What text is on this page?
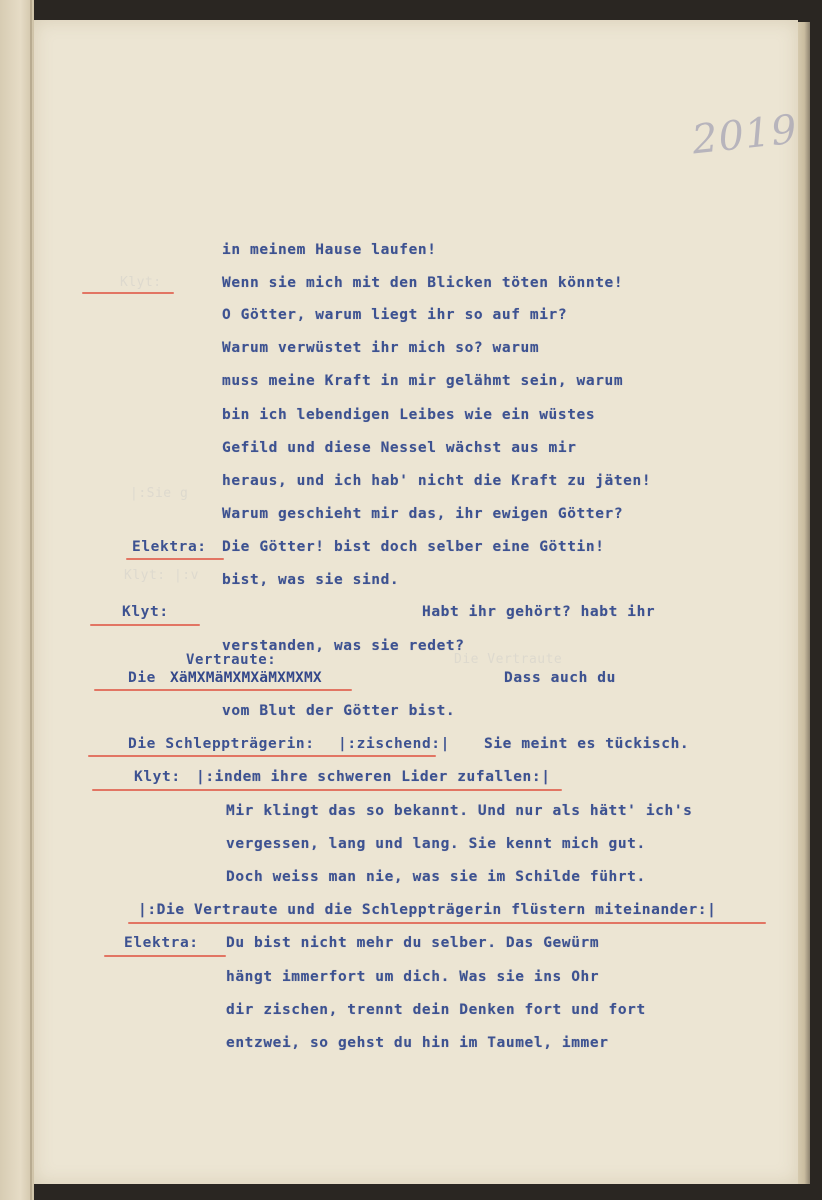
Klyt:
|:Sie g
Klyt: |:v
Die Vertraute
2019
in meinem Hause laufen!
Wenn sie mich mit den Blicken töten könnte!
O Götter, warum liegt ihr so auf mir?
Warum verwüstet ihr mich so? warum
muss meine Kraft in mir gelähmt sein, warum
bin ich lebendigen Leibes wie ein wüstes
Gefild und diese Nessel wächst aus mir
heraus, und ich hab' nicht die Kraft zu jäten!
Warum geschieht mir das, ihr ewigen Götter?
Elektra: Die Götter! bist doch selber eine Göttin!
bist, was sie sind.
Klyt:	Habt ihr gehört? habt ihr
verstanden, was sie redet?
Vertraute:
Die XäMXMäMXMXäMXMXMX	Dass auch du
vom Blut der Götter bist.
Die Schleppträgerin: |:zischend:| Sie meint es tückisch.
Klyt: |:indem ihre schweren Lider zufallen:|
Mir klingt das so bekannt. Und nur als hätt' ich's
vergessen, lang und lang. Sie kennt mich gut.
Doch weiss man nie, was sie im Schilde führt.
|:Die Vertraute und die Schleppträgerin flüstern miteinander:|
Elektra: Du bist nicht mehr du selber. Das Gewürm
hängt immerfort um dich. Was sie ins Ohr
dir zischen, trennt dein Denken fort und fort
entzwei, so gehst du hin im Taumel, immer
